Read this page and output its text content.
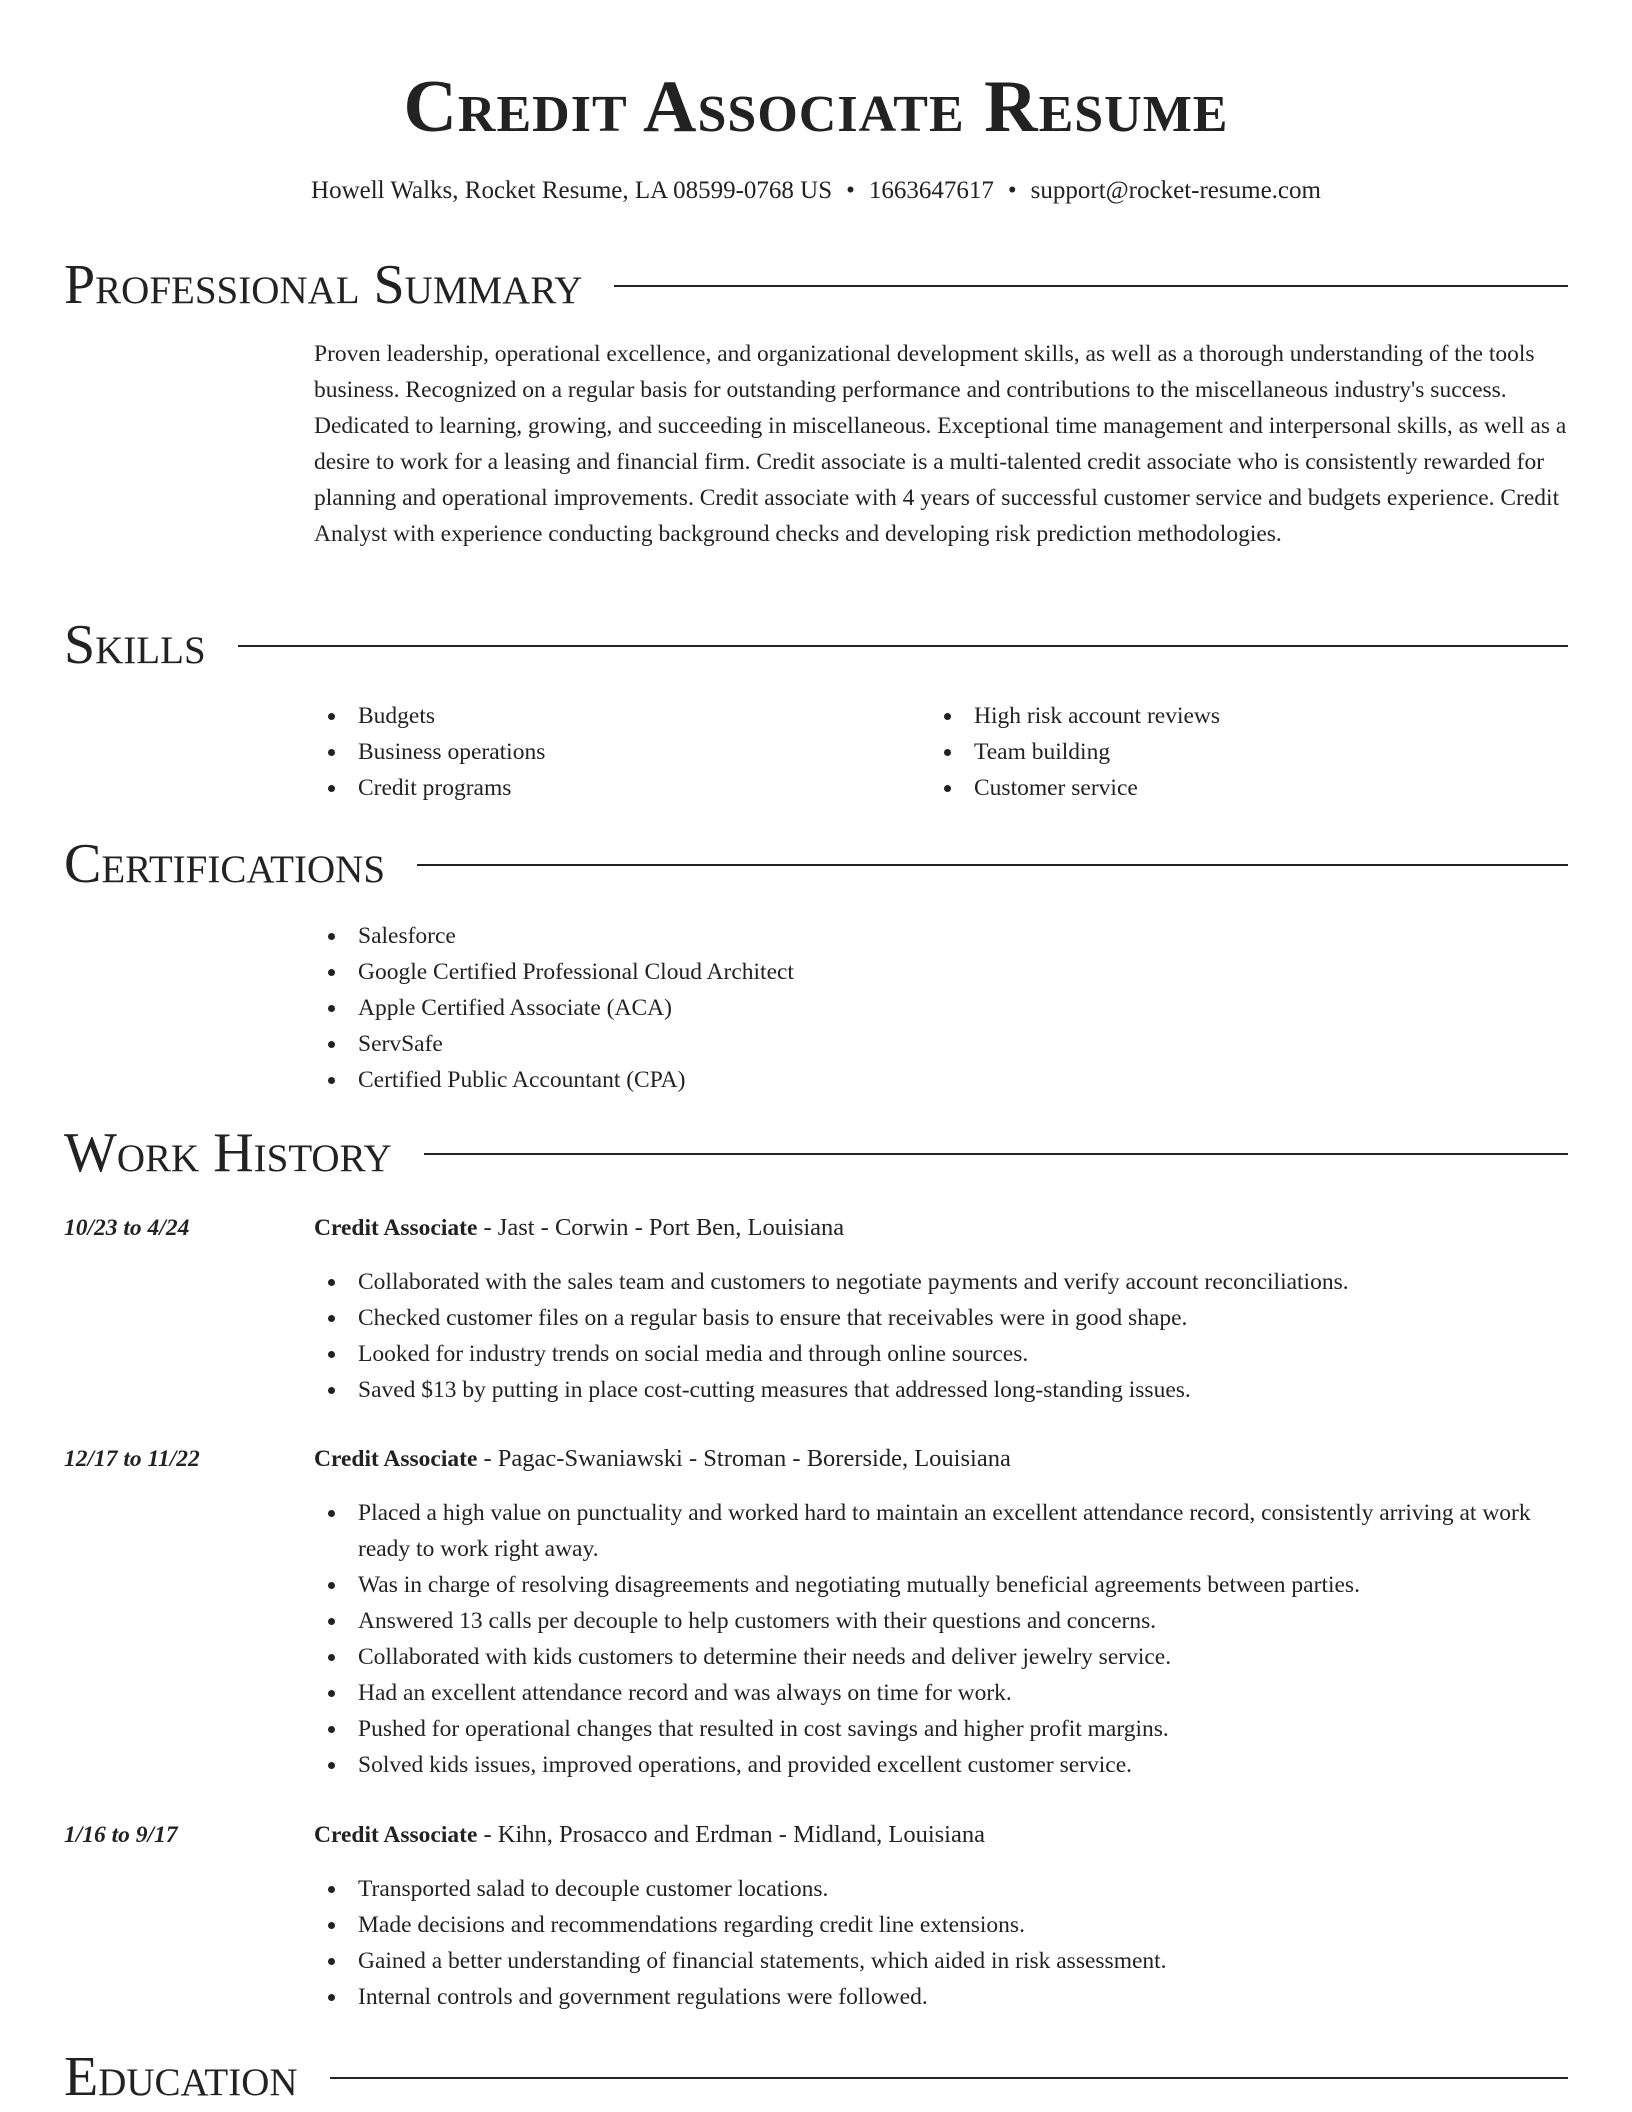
Credit Associate Resume
Howell Walks, Rocket Resume, LA 08599-0768 US • 1663647617 • support@rocket-resume.com
Professional Summary

Proven leadership, operational excellence, and organizational development skills, as well as a thorough understanding of the tools business. Recognized on a regular basis for outstanding performance and contributions to the miscellaneous industry's success. Dedicated to learning, growing, and succeeding in miscellaneous. Exceptional time management and interpersonal skills, as well as a desire to work for a leasing and financial firm. Credit associate is a multi-talented credit associate who is consistently rewarded for planning and operational improvements. Credit associate with 4 years of successful customer service and budgets experience. Credit Analyst with experience conducting background checks and developing risk prediction methodologies.

Skills
Budgets
Business operations
Credit programs
High risk account reviews
Team building
Customer service
Certifications
Salesforce
Google Certified Professional Cloud Architect
Apple Certified Associate (ACA)
ServSafe
Certified Public Accountant (CPA)
Work History
10/23 to 4/24	Credit Associate - Jast - Corwin - Port Ben, Louisiana
Collaborated with the sales team and customers to negotiate payments and verify account reconciliations.
Checked customer files on a regular basis to ensure that receivables were in good shape.
Looked for industry trends on social media and through online sources.
Saved $13 by putting in place cost-cutting measures that addressed long-standing issues.
12/17 to 11/22	Credit Associate - Pagac-Swaniawski - Stroman - Borerside, Louisiana
Placed a high value on punctuality and worked hard to maintain an excellent attendance record, consistently arriving at work ready to work right away.
Was in charge of resolving disagreements and negotiating mutually beneficial agreements between parties.
Answered 13 calls per decouple to help customers with their questions and concerns.
Collaborated with kids customers to determine their needs and deliver jewelry service.
Had an excellent attendance record and was always on time for work.
Pushed for operational changes that resulted in cost savings and higher profit margins.
Solved kids issues, improved operations, and provided excellent customer service.
1/16 to 9/17	Credit Associate - Kihn, Prosacco and Erdman - Midland, Louisiana
Transported salad to decouple customer locations.
Made decisions and recommendations regarding credit line extensions.
Gained a better understanding of financial statements, which aided in risk assessment.
Internal controls and government regulations were followed.
Education
